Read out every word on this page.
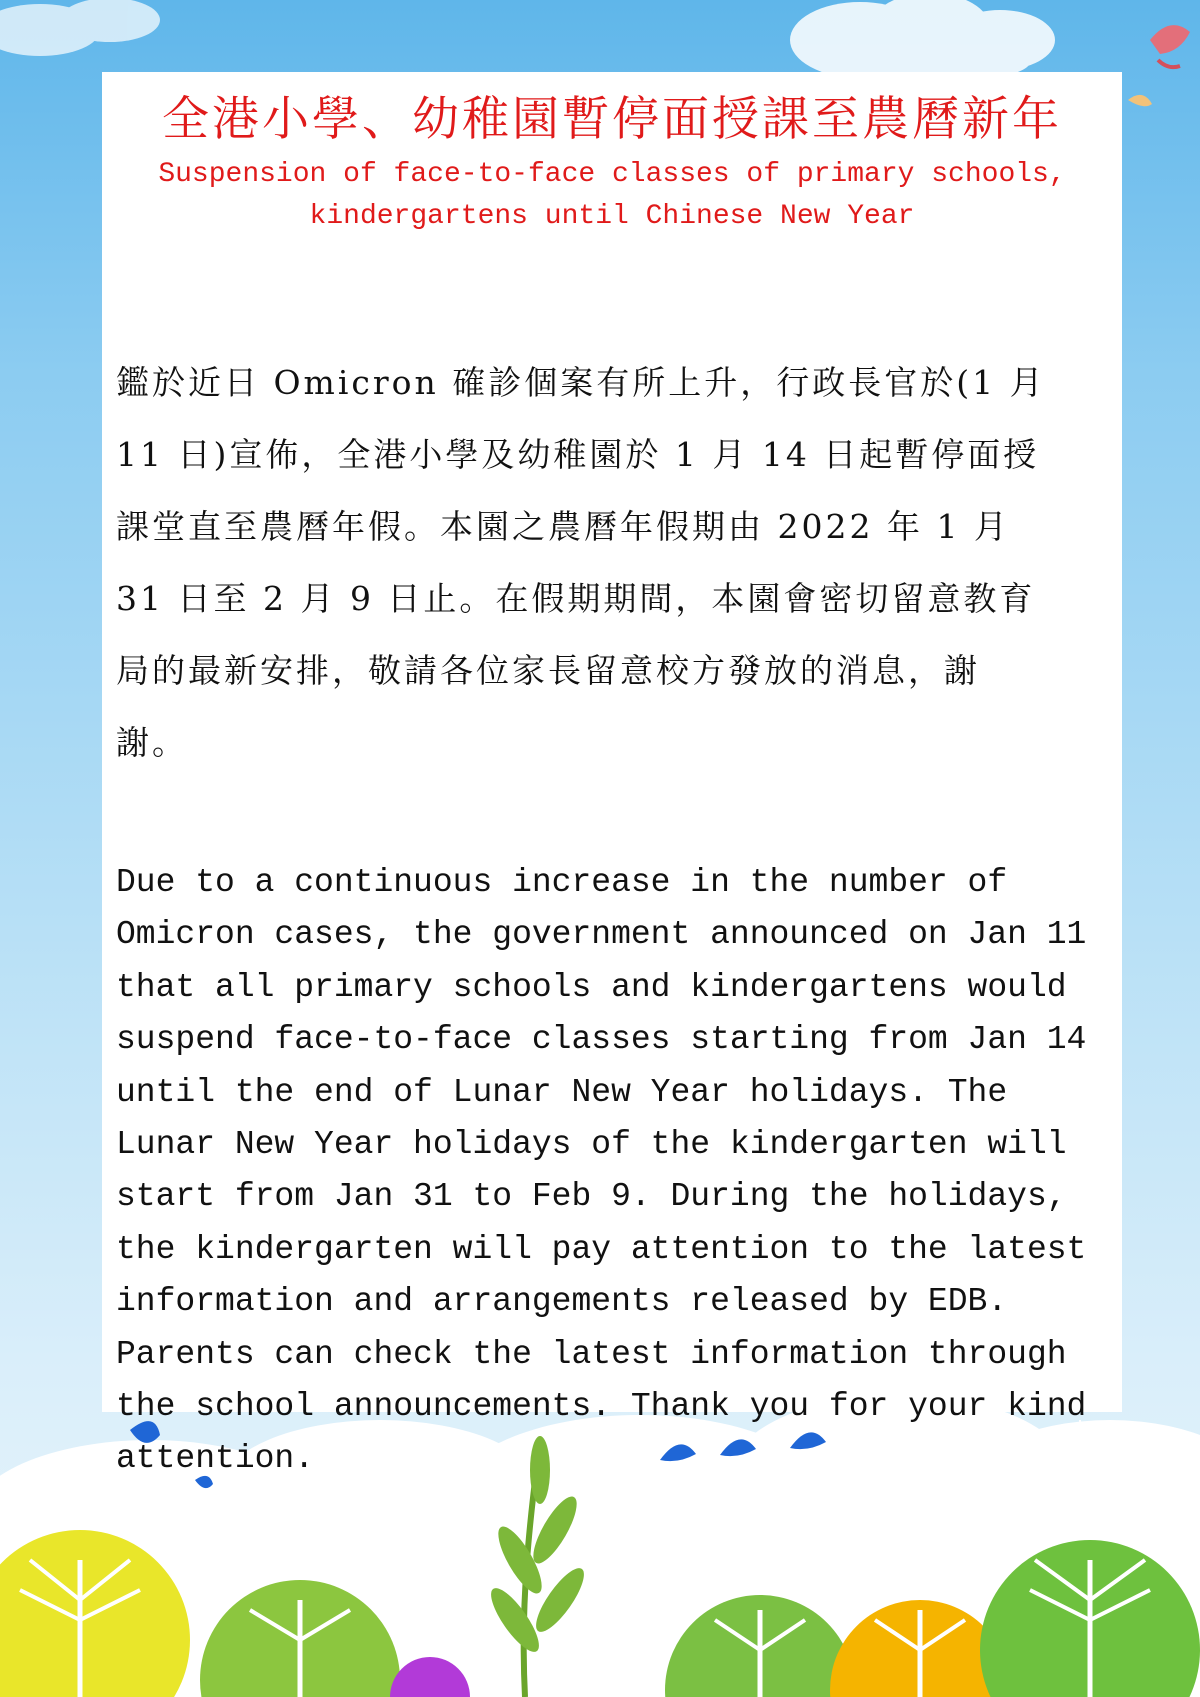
全港小學、幼稚園暫停面授課至農曆新年
Suspension of face-to-face classes of primary schools,
kindergartens until Chinese New Year
鑑於近日 Omicron 確診個案有所上升，行政長官於(1 月
11 日)宣佈，全港小學及幼稚園於 1 月 14 日起暫停面授
課堂直至農曆年假。本園之農曆年假期由 2022 年 1 月
31 日至 2 月 9 日止。在假期期間，本園會密切留意教育
局的最新安排，敬請各位家長留意校方發放的消息，謝
謝。
Due to a continuous increase in the number of
Omicron cases, the government announced on Jan 11
that all primary schools and kindergartens would
suspend face-to-face classes starting from Jan 14
until the end of Lunar New Year holidays. The
Lunar New Year holidays of the kindergarten will
start from Jan 31 to Feb 9. During the holidays,
the kindergarten will pay attention to the latest
information and arrangements released by EDB.
Parents can check the latest information through
the school announcements. Thank you for your kind
attention.
